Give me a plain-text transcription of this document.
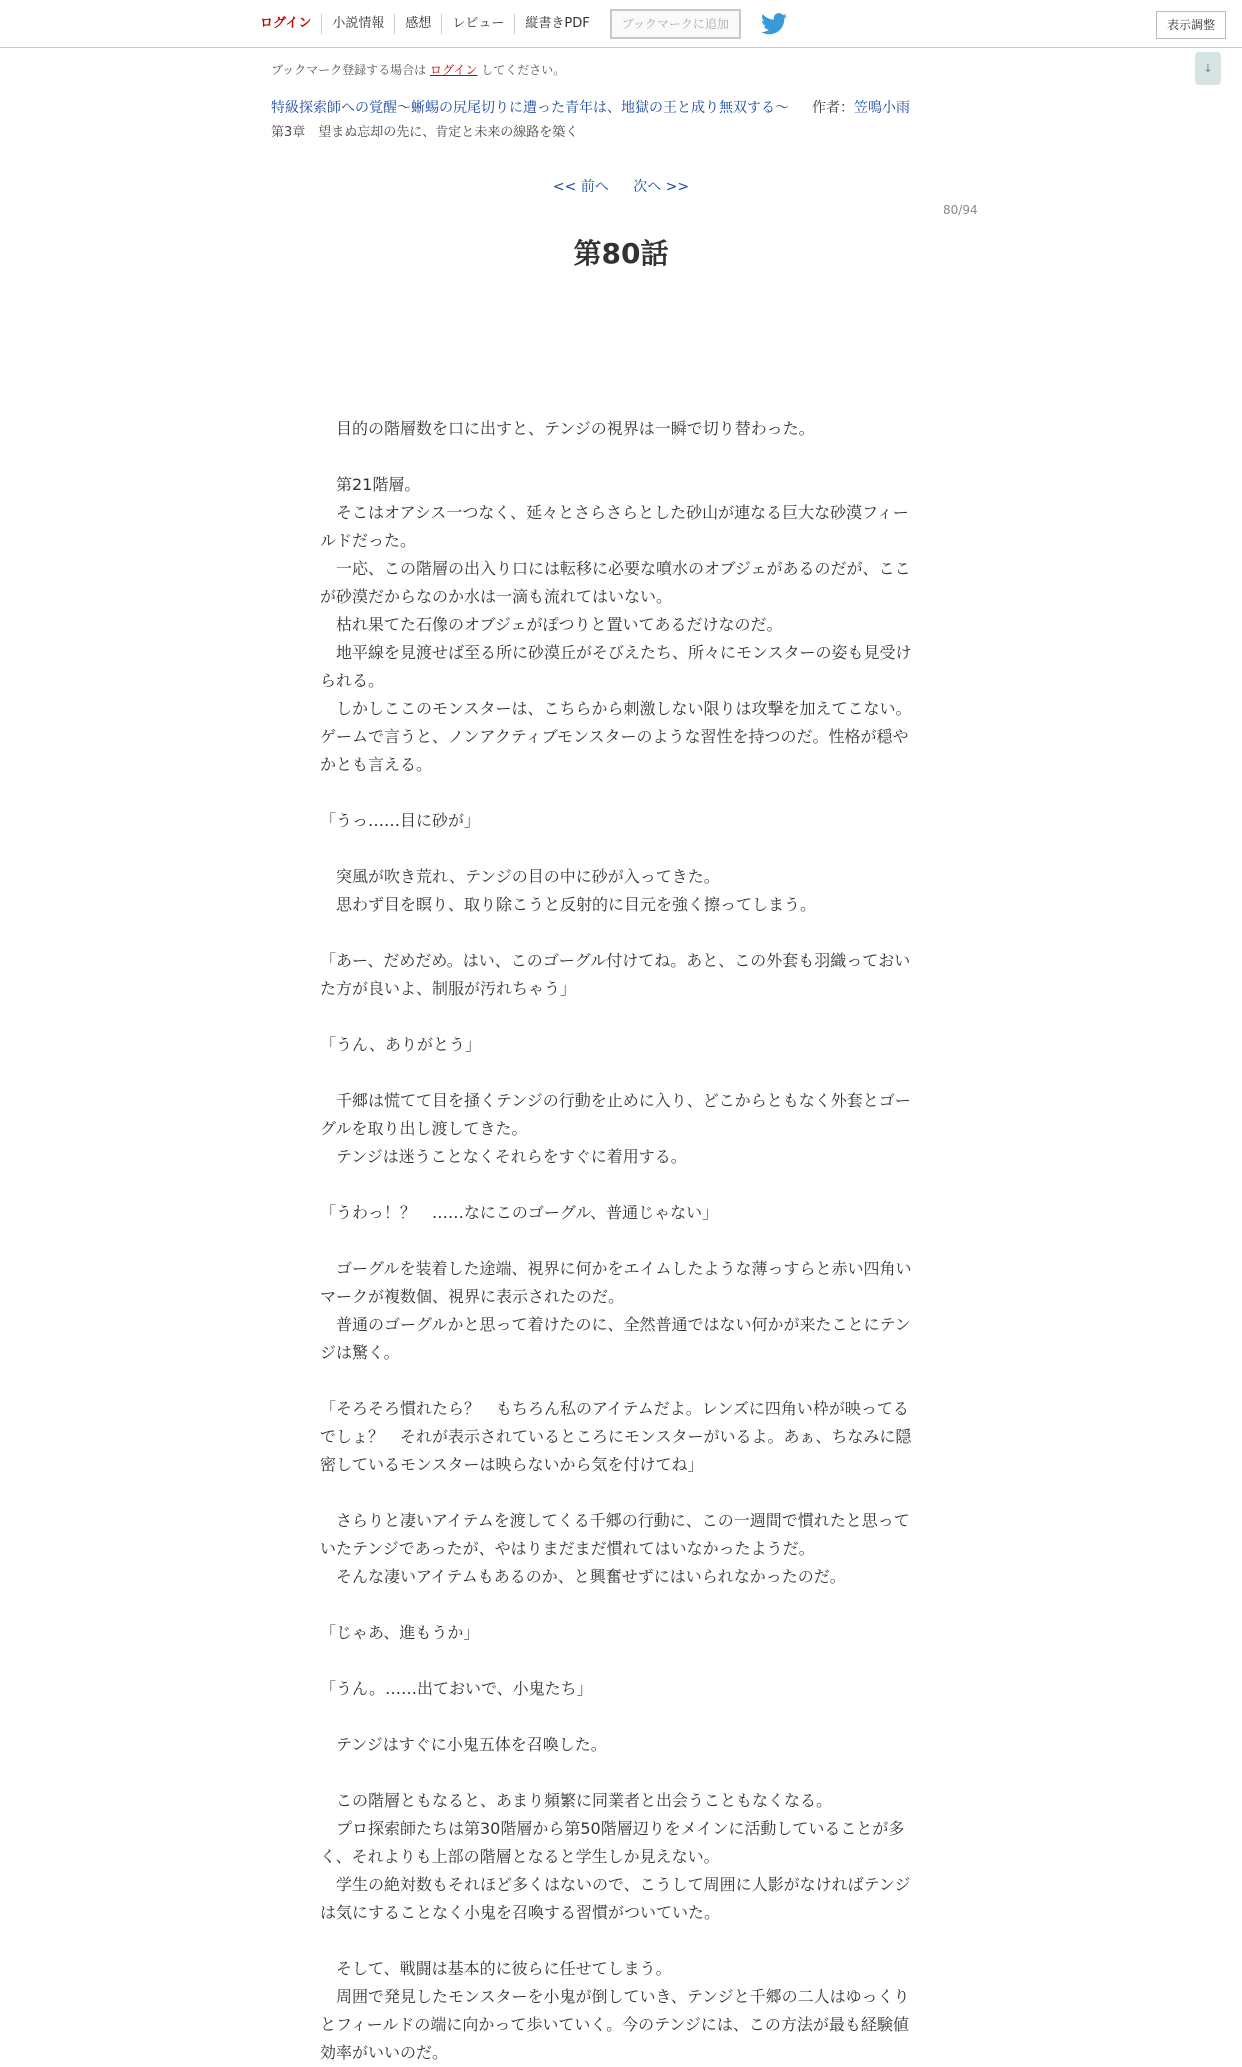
ログイン	小説情報	感想	レビュー	縦書きPDF	ブックマークに追加	表示調整
↓
ブックマーク登録する場合は ログイン してください。
特級探索師への覚醒～蜥蜴の尻尾切りに遭った青年は、地獄の王と成り無双する～ 作者：笠鳴小雨
第3章　望まぬ忘却の先に、肯定と未来の線路を築く
<< 前へ 次へ >>
80/94
第80話

　目的の階層数を口に出すと、テンジの視界は一瞬で切り替わった。

　第21階層。

　そこはオアシス一つなく、延々とさらさらとした砂山が連なる巨大な砂漠フィールドだった。

　一応、この階層の出入り口には転移に必要な噴水のオブジェがあるのだが、ここが砂漠だからなのか水は一滴も流れてはいない。

　枯れ果てた石像のオブジェがぽつりと置いてあるだけなのだ。

　地平線を見渡せば至る所に砂漠丘がそびえたち、所々にモンスターの姿も見受けられる。

　しかしここのモンスターは、こちらから刺激しない限りは攻撃を加えてこない。ゲームで言うと、ノンアクティブモンスターのような習性を持つのだ。性格が穏やかとも言える。

「うっ……目に砂が」

　突風が吹き荒れ、テンジの目の中に砂が入ってきた。

　思わず目を瞑り、取り除こうと反射的に目元を強く擦ってしまう。

「あー、だめだめ。はい、このゴーグル付けてね。あと、この外套も羽織っておいた方が良いよ、制服が汚れちゃう」

「うん、ありがとう」

　千郷は慌てて目を掻くテンジの行動を止めに入り、どこからともなく外套とゴーグルを取り出し渡してきた。

　テンジは迷うことなくそれらをすぐに着用する。

「うわっ！？　……なにこのゴーグル、普通じゃない」

　ゴーグルを装着した途端、視界に何かをエイムしたような薄っすらと赤い四角いマークが複数個、視界に表示されたのだ。

　普通のゴーグルかと思って着けたのに、全然普通ではない何かが来たことにテンジは驚く。

「そろそろ慣れたら？　もちろん私のアイテムだよ。レンズに四角い枠が映ってるでしょ？　それが表示されているところにモンスターがいるよ。あぁ、ちなみに隠密しているモンスターは映らないから気を付けてね」

　さらりと凄いアイテムを渡してくる千郷の行動に、この一週間で慣れたと思っていたテンジであったが、やはりまだまだ慣れてはいなかったようだ。

　そんな凄いアイテムもあるのか、と興奮せずにはいられなかったのだ。

「じゃあ、進もうか」

「うん。……出ておいで、小鬼たち」

　テンジはすぐに小鬼五体を召喚した。

　この階層ともなると、あまり頻繁に同業者と出会うこともなくなる。

　プロ探索師たちは第30階層から第50階層辺りをメインに活動していることが多く、それよりも上部の階層となると学生しか見えない。

　学生の絶対数もそれほど多くはないので、こうして周囲に人影がなければテンジは気にすることなく小鬼を召喚する習慣がついていた。

　そして、戦闘は基本的に彼らに任せてしまう。

　周囲で発見したモンスターを小鬼が倒していき、テンジと千郷の二人はゆっくりとフィールドの端に向かって歩いていく。今のテンジには、この方法が最も経験値効率がいいのだ。
